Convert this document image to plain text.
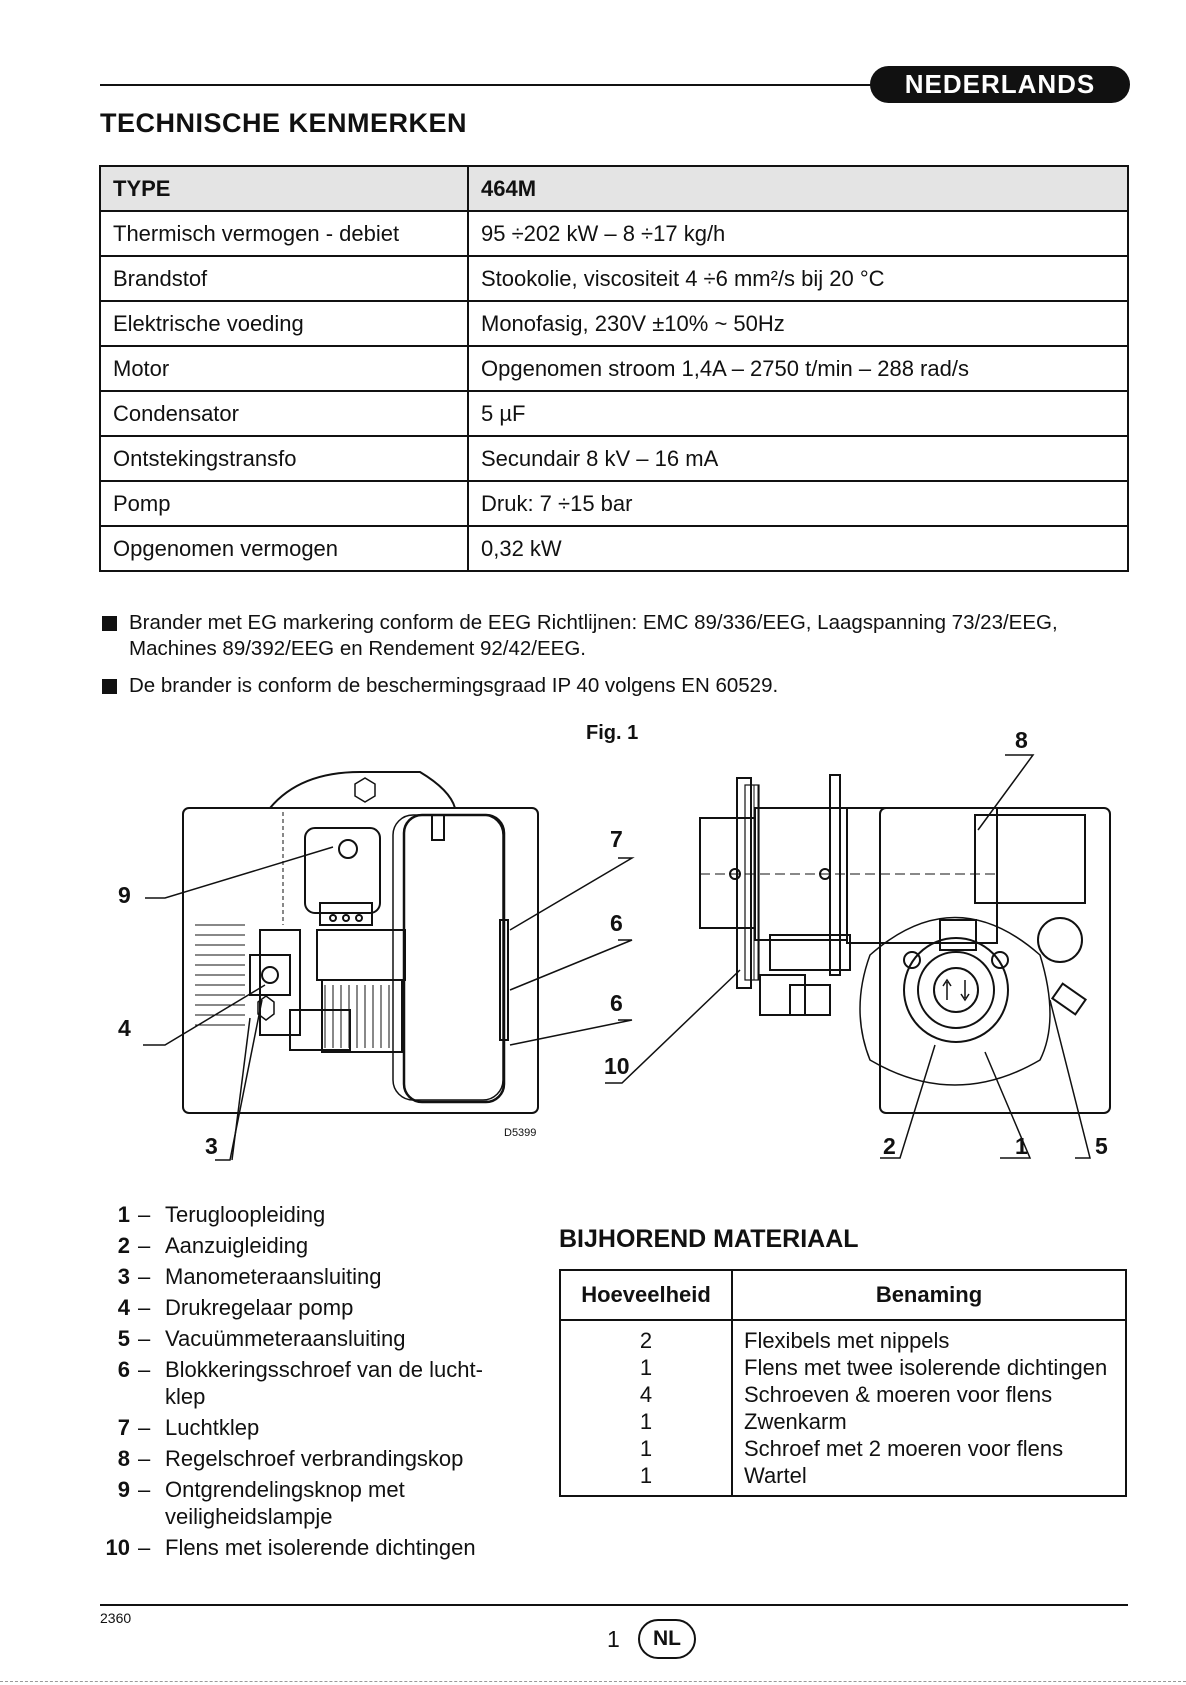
NEDERLANDS
TECHNISCHE KENMERKEN
TYPE	464M
Thermisch vermogen - debiet	95 ÷202 kW – 8 ÷17 kg/h
Brandstof	Stookolie, viscositeit 4 ÷6 mm²/s bij 20 °C
Elektrische voeding	Monofasig, 230V ±10% ~ 50Hz
Motor	Opgenomen stroom 1,4A – 2750 t/min – 288 rad/s
Condensator	5 µF
Ontstekingstransfo	Secundair 8 kV – 16 mA
Pomp	Druk: 7 ÷15 bar
Opgenomen vermogen	0,32 kW
Brander met EG markering conform de EEG Richtlijnen: EMC 89/336/EEG, Laagspanning 73/23/EEG, Machines 89/392/EEG en Rendement 92/42/EEG.
De brander is conform de beschermingsgraad IP 40 volgens EN 60529.
Fig. 1
9
4
3
7
6
6
10
8
2	1	5
D5399
1 – Terugloopleiding
2 – Aanzuigleiding
3 – Manometeraansluiting
4 – Drukregelaar pomp
5 – Vacuümmeteraansluiting
6 – Blokkeringsschroef van de lucht-
klep
7 – Luchtklep
8 – Regelschroef verbrandingskop
9 – Ontgrendelingsknop met
veiligheidslampje
10 – Flens met isolerende dichtingen
BIJHOREND MATERIAAL
Hoeveelheid	Benaming
2	Flexibels met nippels
1	Flens met twee isolerende dichtingen
4	Schroeven & moeren voor flens
1	Zwenkarm
1	Schroef met 2 moeren voor flens
1	Wartel
2360
1	NL
